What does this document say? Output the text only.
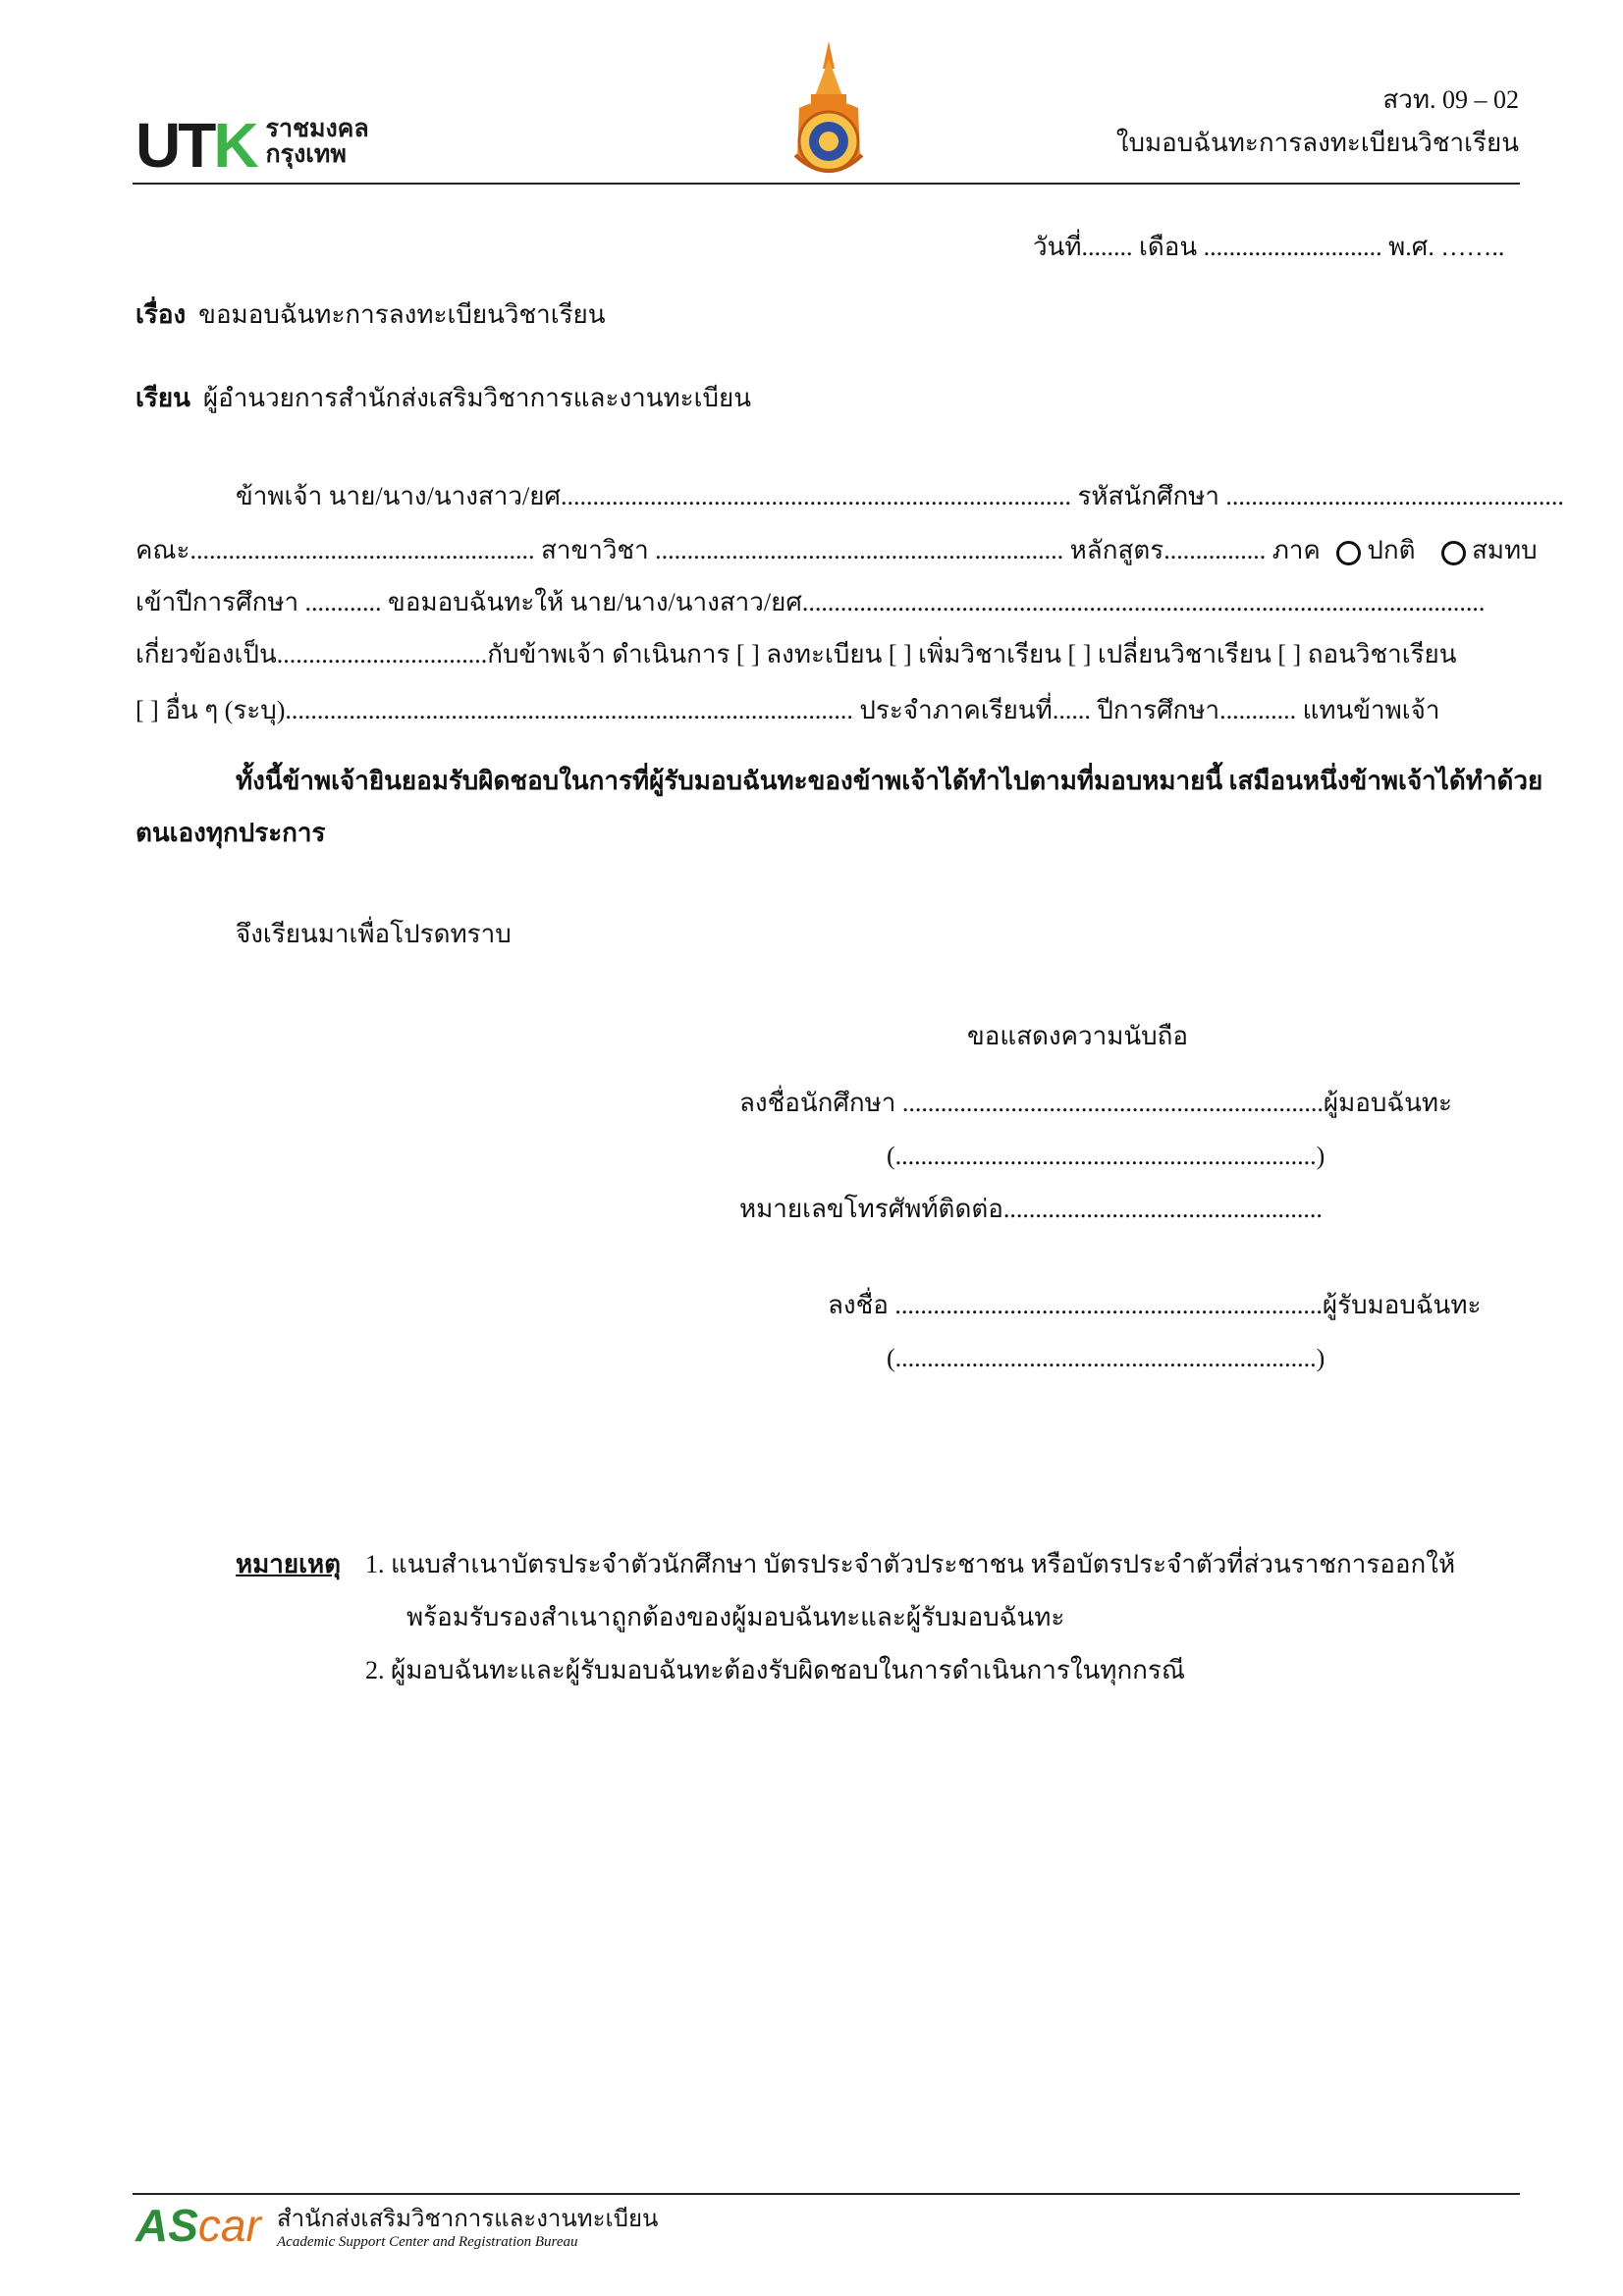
UTK ราชมงคล
กรุงเทพ
สวท. 09 – 02
ใบมอบฉันทะการลงทะเบียนวิชาเรียน
วันที่........ เดือน ............................ พ.ศ. ……..
เรื่อง ขอมอบฉันทะการลงทะเบียนวิชาเรียน
เรียน ผู้อำนวยการสำนักส่งเสริมวิชาการและงานทะเบียน
ข้าพเจ้า นาย/นาง/นางสาว/ยศ................................................................................ รหัสนักศึกษา .....................................................
คณะ...................................................... สาขาวิชา ................................................................ หลักสูตร................ ภาค ปกติ สมทบ
เข้าปีการศึกษา ............ ขอมอบฉันทะให้ นาย/นาง/นางสาว/ยศ...........................................................................................................
เกี่ยวข้องเป็น.................................กับข้าพเจ้า ดำเนินการ [ ] ลงทะเบียน [ ] เพิ่มวิชาเรียน [ ] เปลี่ยนวิชาเรียน [ ] ถอนวิชาเรียน
[ ] อื่น ๆ (ระบุ)......................................................................................... ประจำภาคเรียนที่...... ปีการศึกษา............ แทนข้าพเจ้า
ทั้งนี้ข้าพเจ้ายินยอมรับผิดชอบในการที่ผู้รับมอบฉันทะของข้าพเจ้าได้ทำไปตามที่มอบหมายนี้ เสมือนหนึ่งข้าพเจ้าได้ทำด้วย
ตนเองทุกประการ
จึงเรียนมาเพื่อโปรดทราบ
ขอแสดงความนับถือ
ลงชื่อนักศึกษา ..................................................................ผู้มอบฉันทะ
(..................................................................)
หมายเลขโทรศัพท์ติดต่อ..................................................
ลงชื่อ ...................................................................ผู้รับมอบฉันทะ
(..................................................................)
หมายเหตุ 1. แนบสำเนาบัตรประจำตัวนักศึกษา บัตรประจำตัวประชาชน หรือบัตรประจำตัวที่ส่วนราชการออกให้
พร้อมรับรองสำเนาถูกต้องของผู้มอบฉันทะและผู้รับมอบฉันทะ
2. ผู้มอบฉันทะและผู้รับมอบฉันทะต้องรับผิดชอบในการดำเนินการในทุกกรณี
AScar สำนักส่งเสริมวิชาการและงานทะเบียน
Academic Support Center and Registration Bureau
